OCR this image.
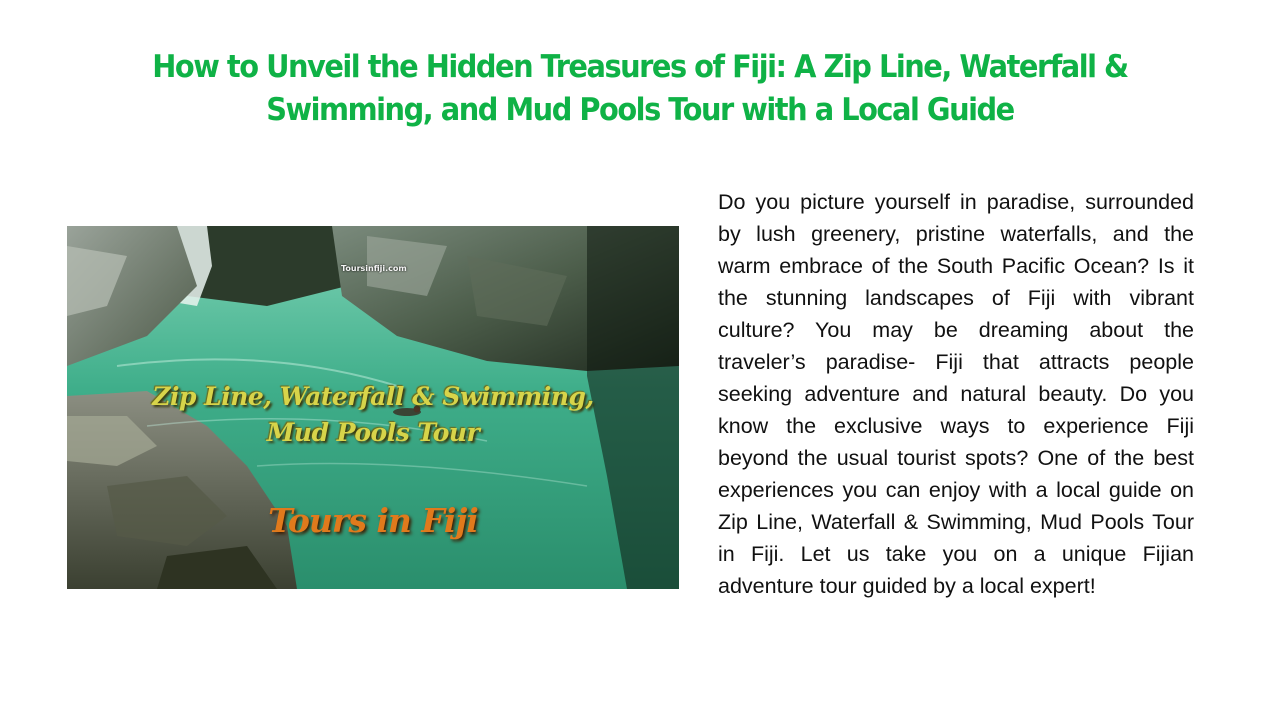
How to Unveil the Hidden Treasures of Fiji: A Zip Line, Waterfall & Swimming, and Mud Pools Tour with a Local Guide
Toursinfiji.com
Zip Line, Waterfall & Swimming,
Mud Pools Tour
Tours in Fiji

Do you picture yourself in paradise, surrounded by lush greenery, pristine waterfalls, and the warm embrace of the South Pacific Ocean? Is it the stunning landscapes of Fiji with vibrant culture? You may be dreaming about the traveler’s paradise- Fiji that attracts people seeking adventure and natural beauty. Do you know the exclusive ways to experience Fiji beyond the usual tourist spots? One of the best experiences you can enjoy with a local guide on Zip Line, Waterfall & Swimming, Mud Pools Tour in Fiji. Let us take you on a unique Fijian adventure tour guided by a local expert!
